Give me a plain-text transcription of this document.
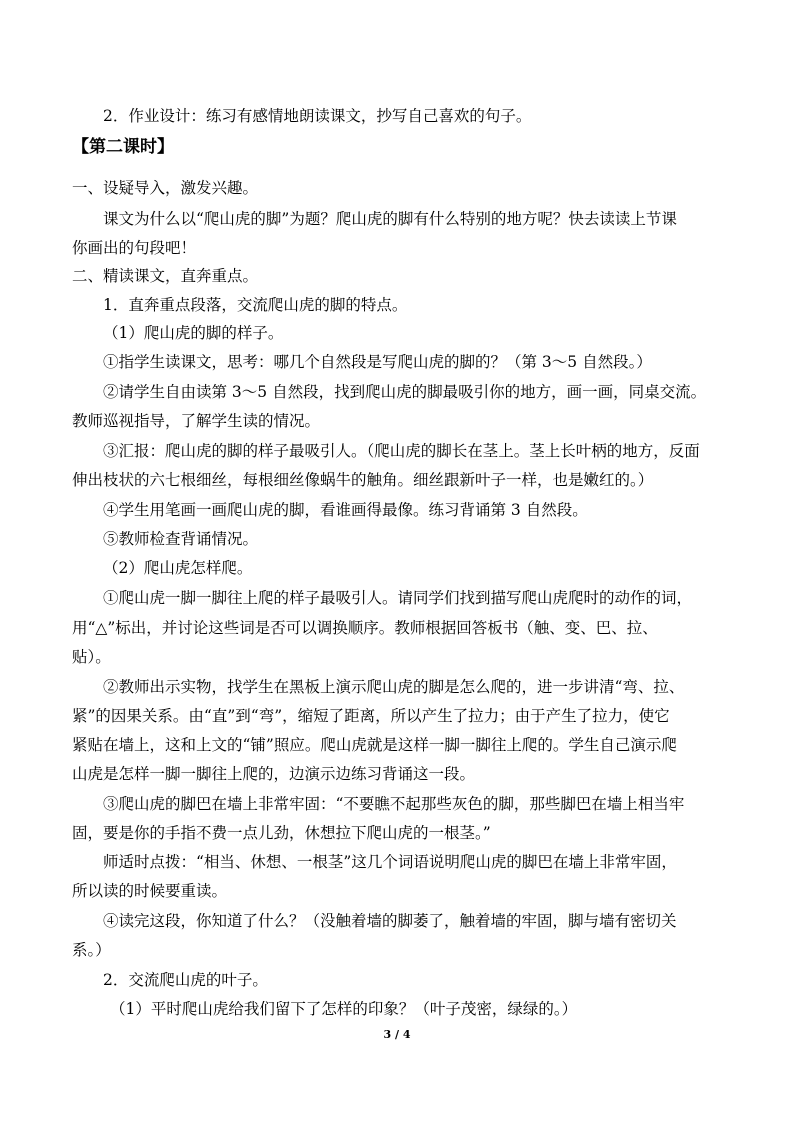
2．作业设计：练习有感情地朗读课文，抄写自己喜欢的句子。
【第二课时】
一、设疑导入，激发兴趣。
课文为什么以“爬山虎的脚”为题？爬山虎的脚有什么特别的地方呢？快去读读上节课
你画出的句段吧！
二、精读课文，直奔重点。
1．直奔重点段落，交流爬山虎的脚的特点。
（1）爬山虎的脚的样子。
①指学生读课文，思考：哪几个自然段是写爬山虎的脚的？（第 3～5 自然段。）
②请学生自由读第 3～5 自然段，找到爬山虎的脚最吸引你的地方，画一画，同桌交流。
教师巡视指导，了解学生读的情况。
③汇报：爬山虎的脚的样子最吸引人。（爬山虎的脚长在茎上。茎上长叶柄的地方，反面
伸出枝状的六七根细丝，每根细丝像蜗牛的触角。细丝跟新叶子一样，也是嫩红的。）
④学生用笔画一画爬山虎的脚，看谁画得最像。练习背诵第 3 自然段。
⑤教师检查背诵情况。
（2）爬山虎怎样爬。
①爬山虎一脚一脚往上爬的样子最吸引人。请同学们找到描写爬山虎爬时的动作的词，
用“△”标出，并讨论这些词是否可以调换顺序。教师根据回答板书（触、变、巴、拉、
贴）。
②教师出示实物，找学生在黑板上演示爬山虎的脚是怎么爬的，进一步讲清“弯、拉、
紧”的因果关系。由“直”到“弯”，缩短了距离，所以产生了拉力；由于产生了拉力，使它
紧贴在墙上，这和上文的“铺”照应。爬山虎就是这样一脚一脚往上爬的。学生自己演示爬
山虎是怎样一脚一脚往上爬的，边演示边练习背诵这一段。
③爬山虎的脚巴在墙上非常牢固：“不要瞧不起那些灰色的脚，那些脚巴在墙上相当牢
固，要是你的手指不费一点儿劲，休想拉下爬山虎的一根茎。”
师适时点拨：“相当、休想、一根茎”这几个词语说明爬山虎的脚巴在墙上非常牢固，
所以读的时候要重读。
④读完这段，你知道了什么？（没触着墙的脚萎了，触着墙的牢固，脚与墙有密切关
系。）
2．交流爬山虎的叶子。
（1）平时爬山虎给我们留下了怎样的印象？（叶子茂密，绿绿的。）
3 / 4
